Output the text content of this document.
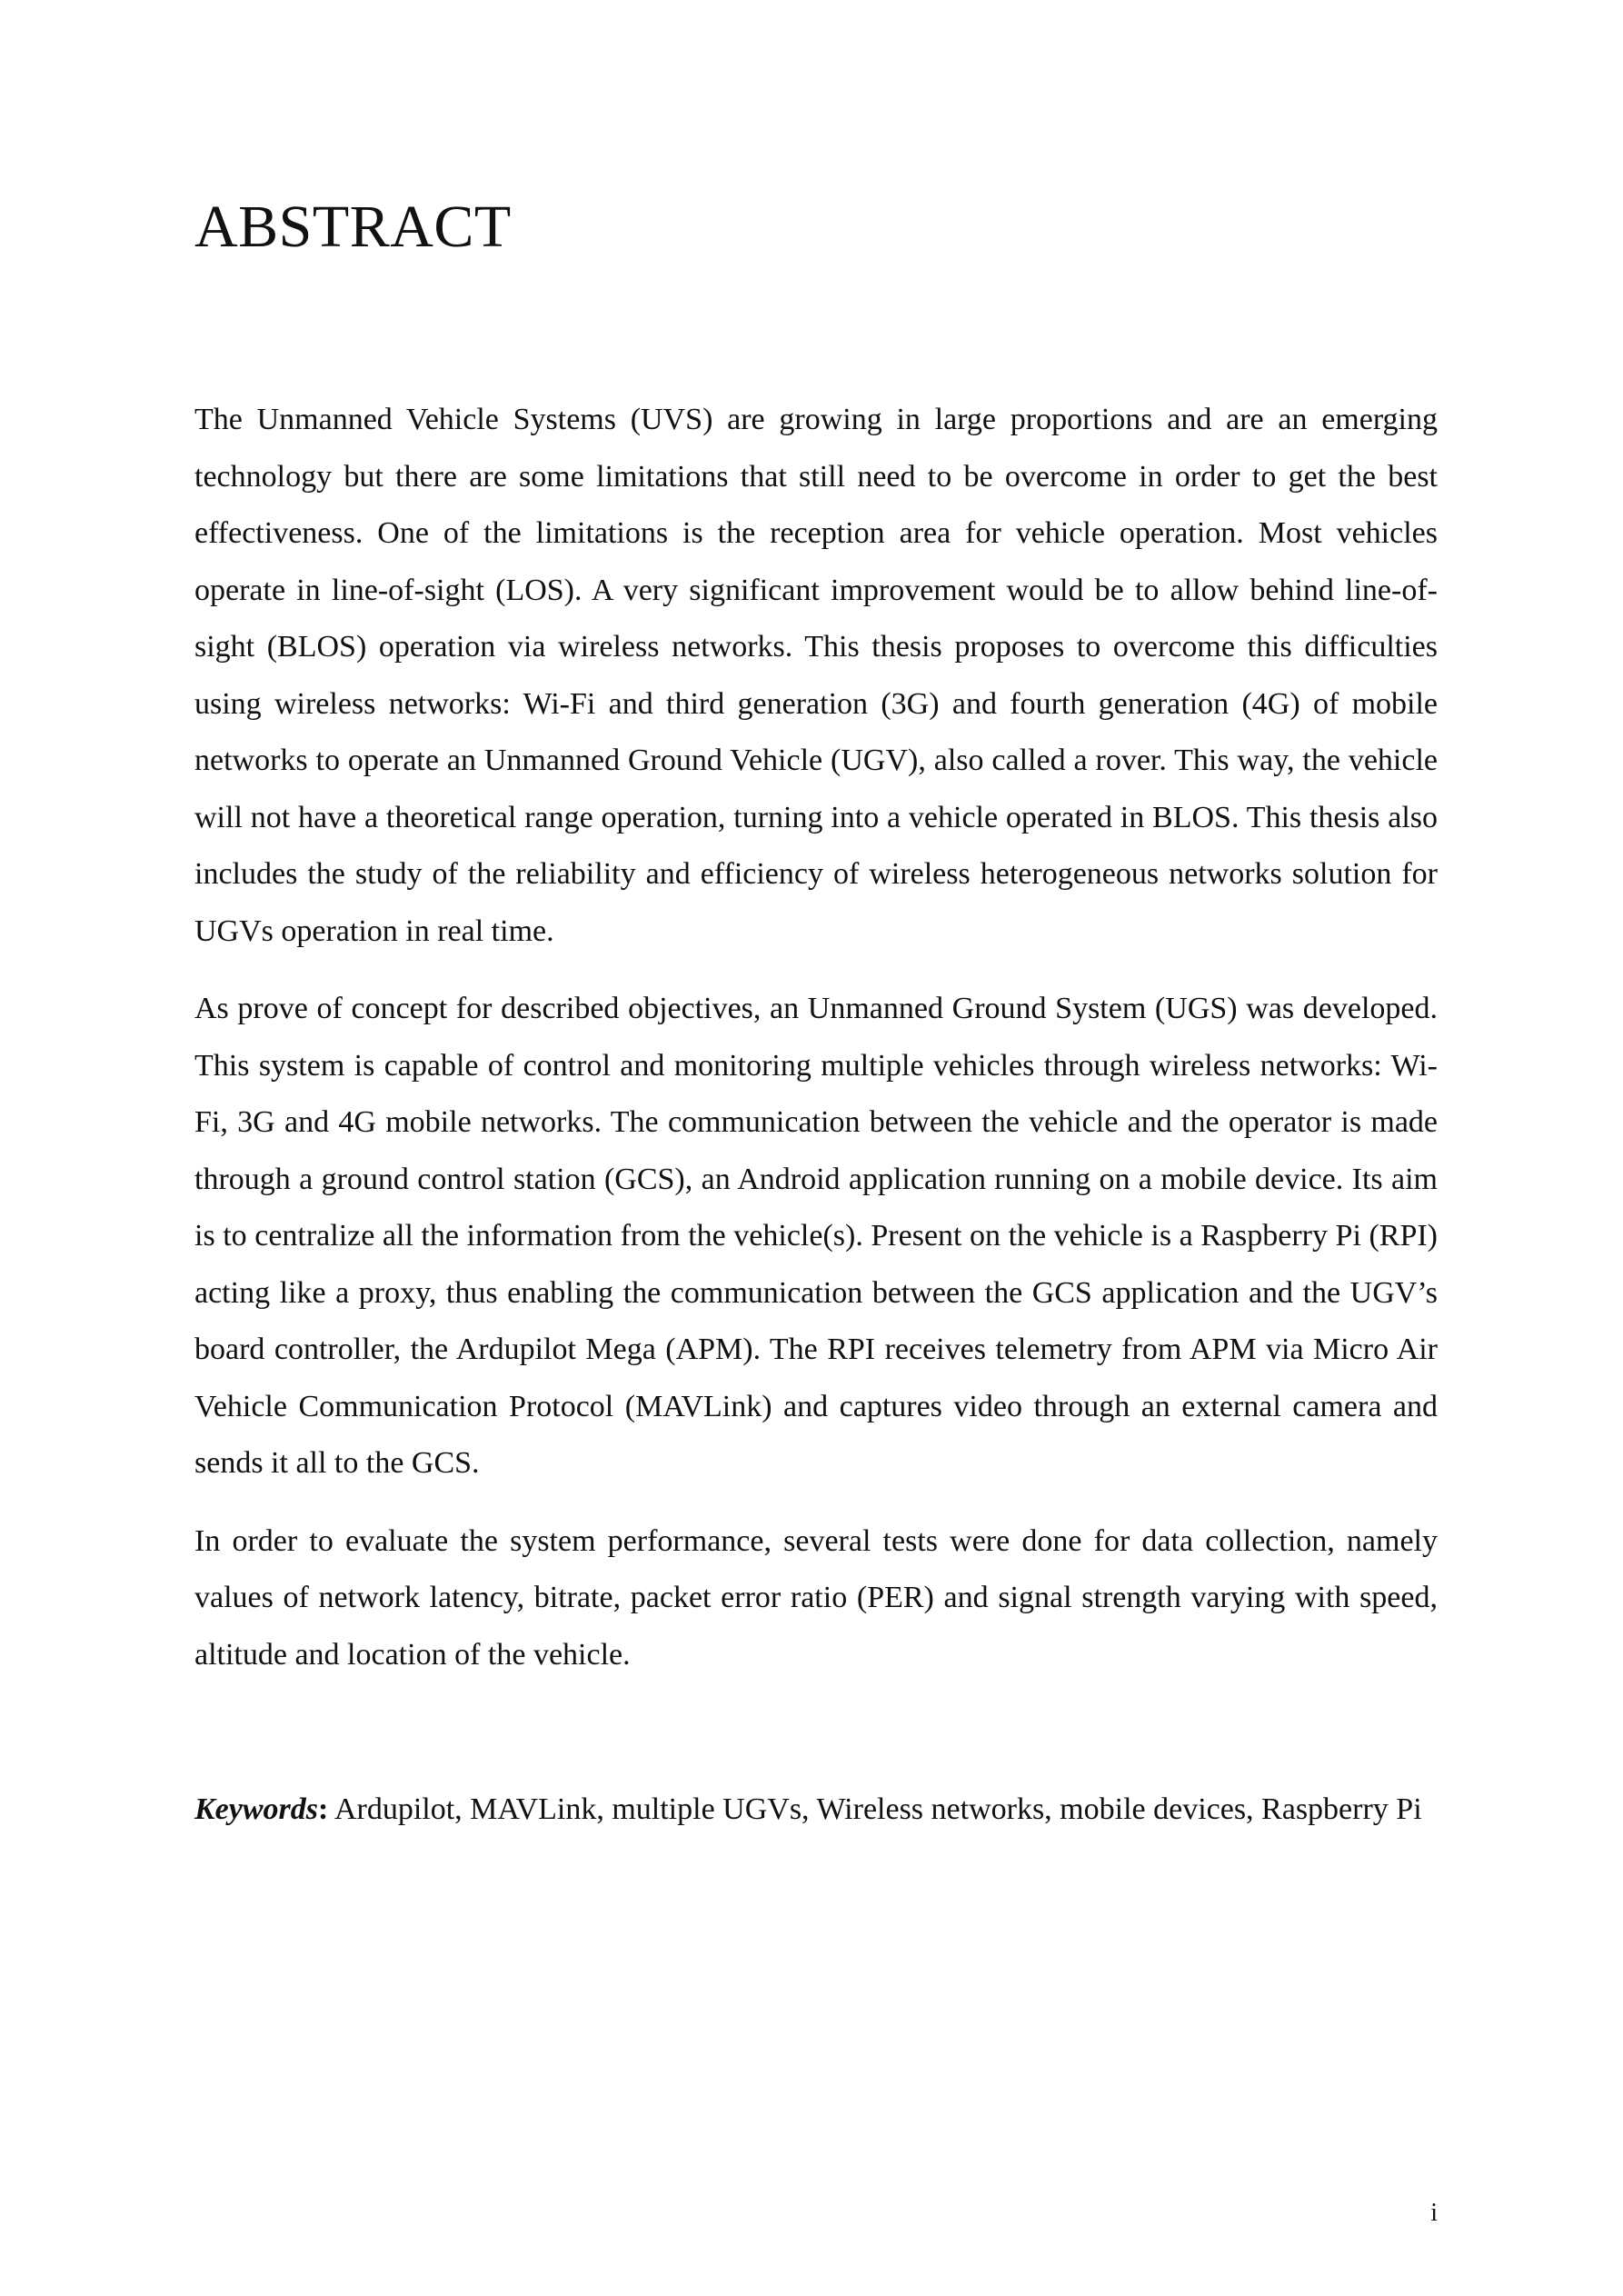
ABSTRACT

The Unmanned Vehicle Systems (UVS) are growing in large proportions and are an emerging technology but there are some limitations that still need to be overcome in order to get the best effectiveness. One of the limitations is the reception area for vehicle operation. Most vehicles operate in line-of-sight (LOS). A very significant improvement would be to allow behind line-of-sight (BLOS) operation via wireless networks. This thesis proposes to overcome this difficulties using wireless networks: Wi-Fi and third generation (3G) and fourth generation (4G) of mobile networks to operate an Unmanned Ground Vehicle (UGV), also called a rover. This way, the vehicle will not have a theoretical range operation, turning into a vehicle operated in BLOS. This thesis also includes the study of the reliability and efficiency of wireless heterogeneous networks solution for UGVs operation in real time.

As prove of concept for described objectives, an Unmanned Ground System (UGS) was developed. This system is capable of control and monitoring multiple vehicles through wireless networks: Wi-Fi, 3G and 4G mobile networks. The communication between the vehicle and the operator is made through a ground control station (GCS), an Android application running on a mobile device. Its aim is to centralize all the information from the vehicle(s). Present on the vehicle is a Raspberry Pi (RPI) acting like a proxy, thus enabling the communication between the GCS application and the UGV’s board controller, the Ardupilot Mega (APM). The RPI receives telemetry from APM via Micro Air Vehicle Communication Protocol (MAVLink) and captures video through an external camera and sends it all to the GCS.

In order to evaluate the system performance, several tests were done for data collection, namely values of network latency, bitrate, packet error ratio (PER) and signal strength varying with speed, altitude and location of the vehicle.

Keywords: Ardupilot, MAVLink, multiple UGVs, Wireless networks, mobile devices, Raspberry Pi

i
